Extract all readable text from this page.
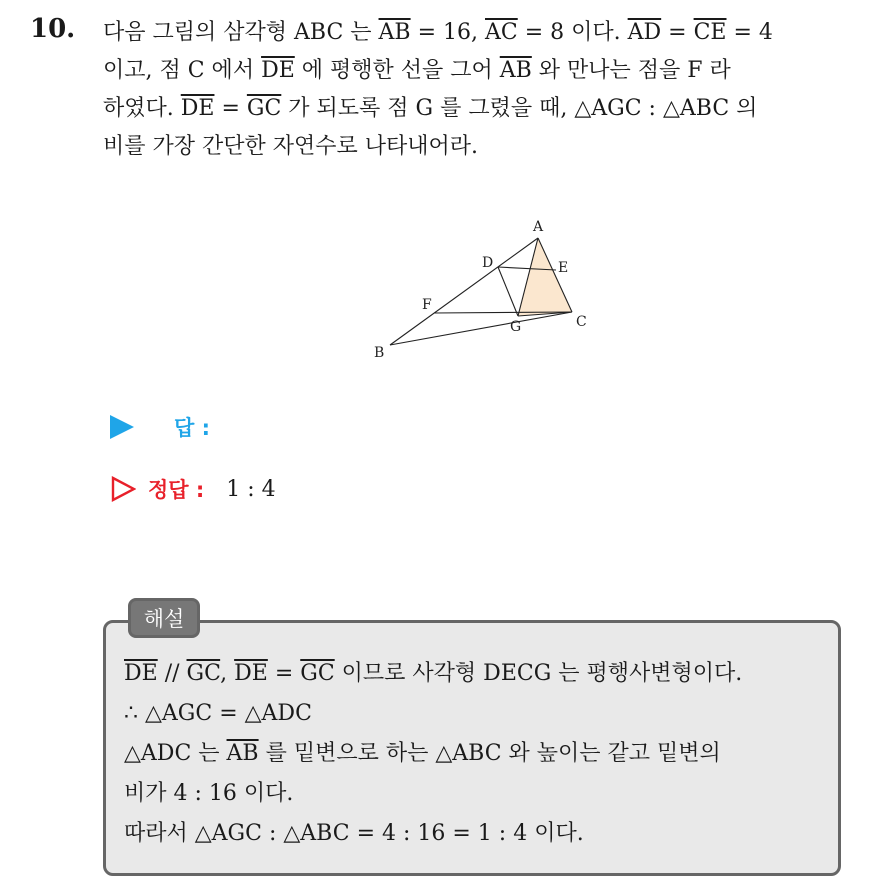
10. 다음 그림의 삼각형 ABC 는 $\overline{AB} = 16$, $\overline{AC} = 8$ 이다. $\overline{AD} = \overline{CE} = 4$
이고, 점 C 에서 $\overline{DE}$ 에 평행한 선을 그어 $\overline{AB}$ 와 만나는 점을 F 라
하였다. $\overline{DE} = \overline{GC}$ 가 되도록 점 G 를 그렸을 때, △AGC : △ABC 의
비를 가장 간단한 자연수로 나타내어라.
A
B
C
D	E
F
G
답 :
정답 : 1 : 4
해설
$\overline{DE} // \overline{GC}$, $\overline{DE} = \overline{GC}$ 이므로 사각형 DECG 는 평행사변형이다.
∴ △AGC = △ADC
△ADC 는 $\overline{AB}$ 를 밑변으로 하는 △ABC 와 높이는 같고 밑변의
비가 4 : 16 이다.
따라서 △AGC : △ABC = 4 : 16 = 1 : 4 이다.
